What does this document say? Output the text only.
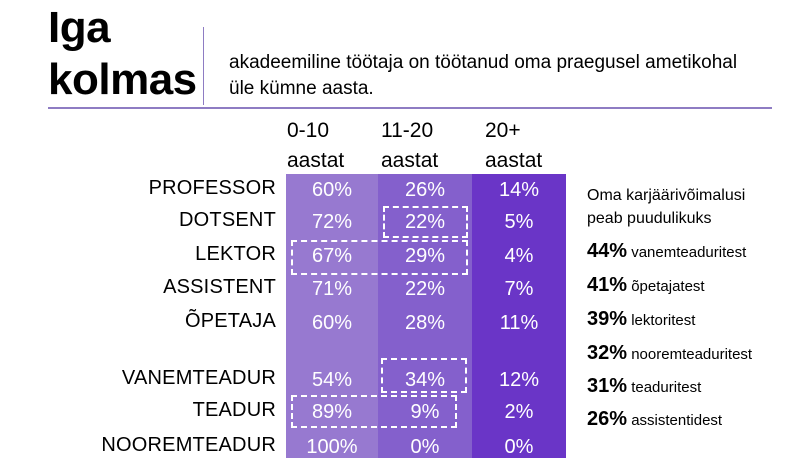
Iga
kolmas akadeemiline töötaja on töötanud oma praegusel ametikohal üle kümne aasta.
0-10
aastat
11-20
aastat
20+
aastat
PROFESSOR	60%	26%	14%
DOTSENT	72%	22%	5%
LEKTOR	67%	29%	4%
ASSISTENT	71%	22%	7%
ÕPETAJA	60%	28%	11%
VANEMTEADUR	54%	34%	12%
TEADUR	89%	9%	2%
NOOREMTEADUR	100%	0%	0%
Oma karjäärivõimalusi
peab puudulikuks
44% vanemteaduritest
41% õpetajatest
39% lektoritest
32% nooremteaduritest
31% teaduritest
26% assistentidest
